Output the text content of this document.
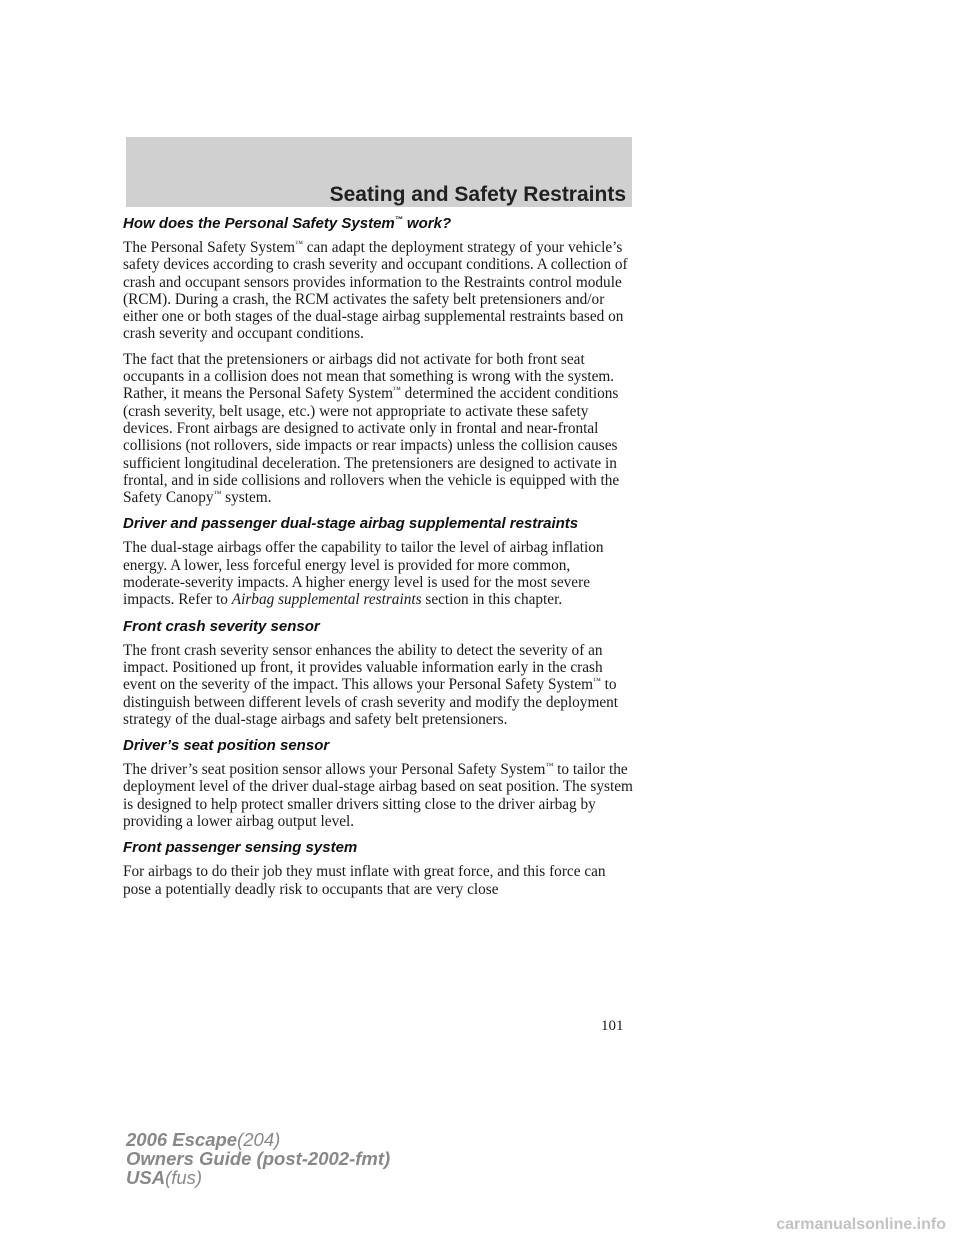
Seating and Safety Restraints
How does the Personal Safety System™ work?

The Personal Safety System™ can adapt the deployment strategy of your vehicle’s safety devices according to crash severity and occupant conditions. A collection of crash and occupant sensors provides information to the Restraints control module (RCM). During a crash, the RCM activates the safety belt pretensioners and/or either one or both stages of the dual-stage airbag supplemental restraints based on crash severity and occupant conditions.

The fact that the pretensioners or airbags did not activate for both front seat occupants in a collision does not mean that something is wrong with the system. Rather, it means the Personal Safety System™ determined the accident conditions (crash severity, belt usage, etc.) were not appropriate to activate these safety devices. Front airbags are designed to activate only in frontal and near-frontal collisions (not rollovers, side impacts or rear impacts) unless the collision causes sufficient longitudinal deceleration. The pretensioners are designed to activate in frontal, and in side collisions and rollovers when the vehicle is equipped with the Safety Canopy™ system.

Driver and passenger dual-stage airbag supplemental restraints

The dual-stage airbags offer the capability to tailor the level of airbag inflation energy. A lower, less forceful energy level is provided for more common, moderate-severity impacts. A higher energy level is used for the most severe impacts. Refer to Airbag supplemental restraints section in this chapter.

Front crash severity sensor

The front crash severity sensor enhances the ability to detect the severity of an impact. Positioned up front, it provides valuable information early in the crash event on the severity of the impact. This allows your Personal Safety System™ to distinguish between different levels of crash severity and modify the deployment strategy of the dual-stage airbags and safety belt pretensioners.

Driver’s seat position sensor

The driver’s seat position sensor allows your Personal Safety System™ to tailor the deployment level of the driver dual-stage airbag based on seat position. The system is designed to help protect smaller drivers sitting close to the driver airbag by providing a lower airbag output level.

Front passenger sensing system

For airbags to do their job they must inflate with great force, and this force can pose a potentially deadly risk to occupants that are very close

101
2006 Escape(204)
Owners Guide (post-2002-fmt)
USA(fus)
carmanualsonline.info
